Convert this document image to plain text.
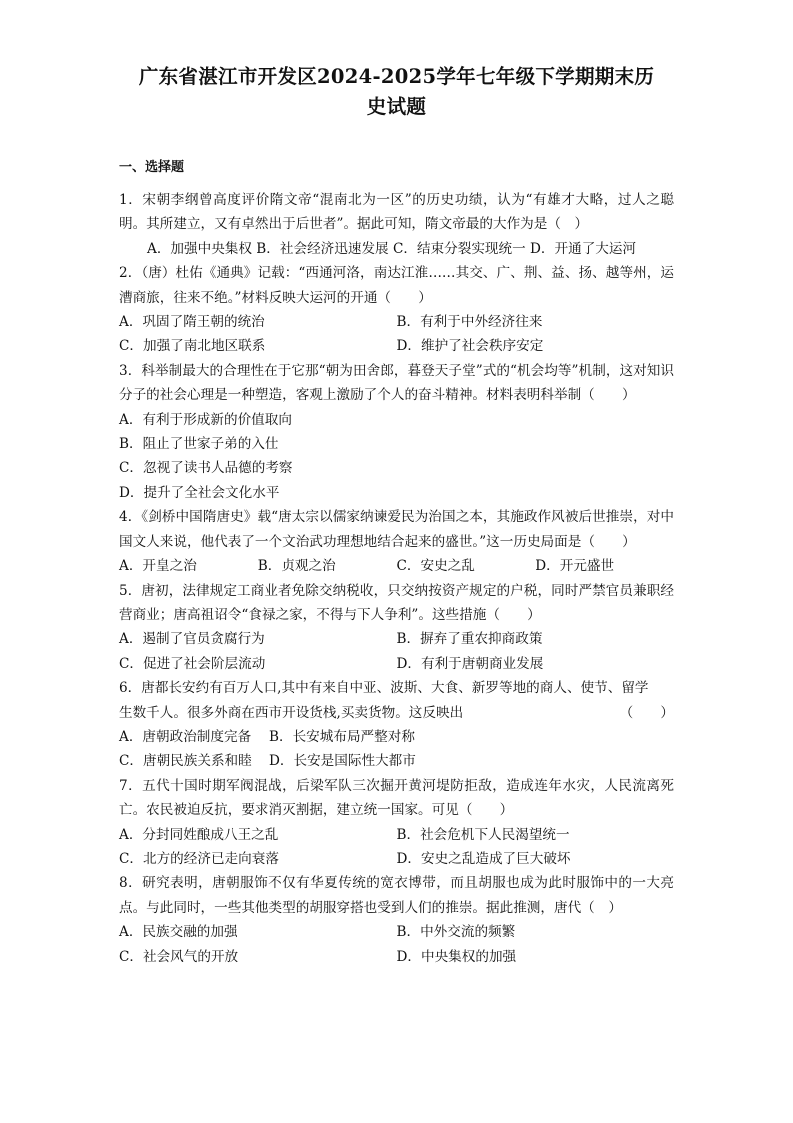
广东省湛江市开发区2024-2025学年七年级下学期期末历
史试题
一、选择题

1．宋朝李纲曾高度评价隋文帝“混南北为一区”的历史功绩，认为“有雄才大略，过人之聪明。其所建立，又有卓然出于后世者”。据此可知，隋文帝最的大作为是（　）

A．加强中央集权 B．社会经济迅速发展 C．结束分裂实现统一 D．开通了大运河

2．（唐）杜佑《通典》记载：“西通河洛，南达江淮……其交、广、荆、益、扬、越等州，运漕商旅，往来不绝。”材料反映大运河的开通（　　）

A．巩固了隋王朝的统治	B．有利于中外经济往来
C．加强了南北地区联系	D．维护了社会秩序安定

3．科举制最大的合理性在于它那“朝为田舍郎，暮登天子堂”式的“机会均等”机制，这对知识分子的社会心理是一种塑造，客观上激励了个人的奋斗精神。材料表明科举制（　　）

A．有利于形成新的价值取向
B．阻止了世家子弟的入仕
C．忽视了读书人品德的考察
D．提升了全社会文化水平

4．《剑桥中国隋唐史》载“唐太宗以儒家纳谏爱民为治国之本，其施政作风被后世推崇，对中国文人来说，他代表了一个文治武功理想地结合起来的盛世。”这一历史局面是（　　）

A．开皇之治	B．贞观之治	C．安史之乱	D．开元盛世

5．唐初，法律规定工商业者免除交纳税收，只交纳按资产规定的户税，同时严禁官员兼职经营商业；唐高祖诏令“食禄之家，不得与下人争利”。这些措施（　　）

A．遏制了官员贪腐行为	B．摒弃了重农抑商政策
C．促进了社会阶层流动	D．有利于唐朝商业发展

6．唐都长安约有百万人口,其中有来自中亚、波斯、大食、新罗等地的商人、使节、留学

生数千人。很多外商在西市开设货栈,买卖货物。这反映出	（　　）

A．唐朝政治制度完备	B．长安城布局严整对称
C．唐朝民族关系和睦	D．长安是国际性大都市

7．五代十国时期军阀混战，后梁军队三次掘开黄河堤防拒敌，造成连年水灾，人民流离死亡。农民被迫反抗，要求消灭割据，建立统一国家。可见（　　）

A．分封同姓酿成八王之乱	B．社会危机下人民渴望统一
C．北方的经济已走向衰落	D．安史之乱造成了巨大破坏

8．研究表明，唐朝服饰不仅有华夏传统的宽衣博带，而且胡服也成为此时服饰中的一大亮点。与此同时，一些其他类型的胡服穿搭也受到人们的推崇。据此推测，唐代（　）

A．民族交融的加强	B．中外交流的频繁
C．社会风气的开放	D．中央集权的加强
